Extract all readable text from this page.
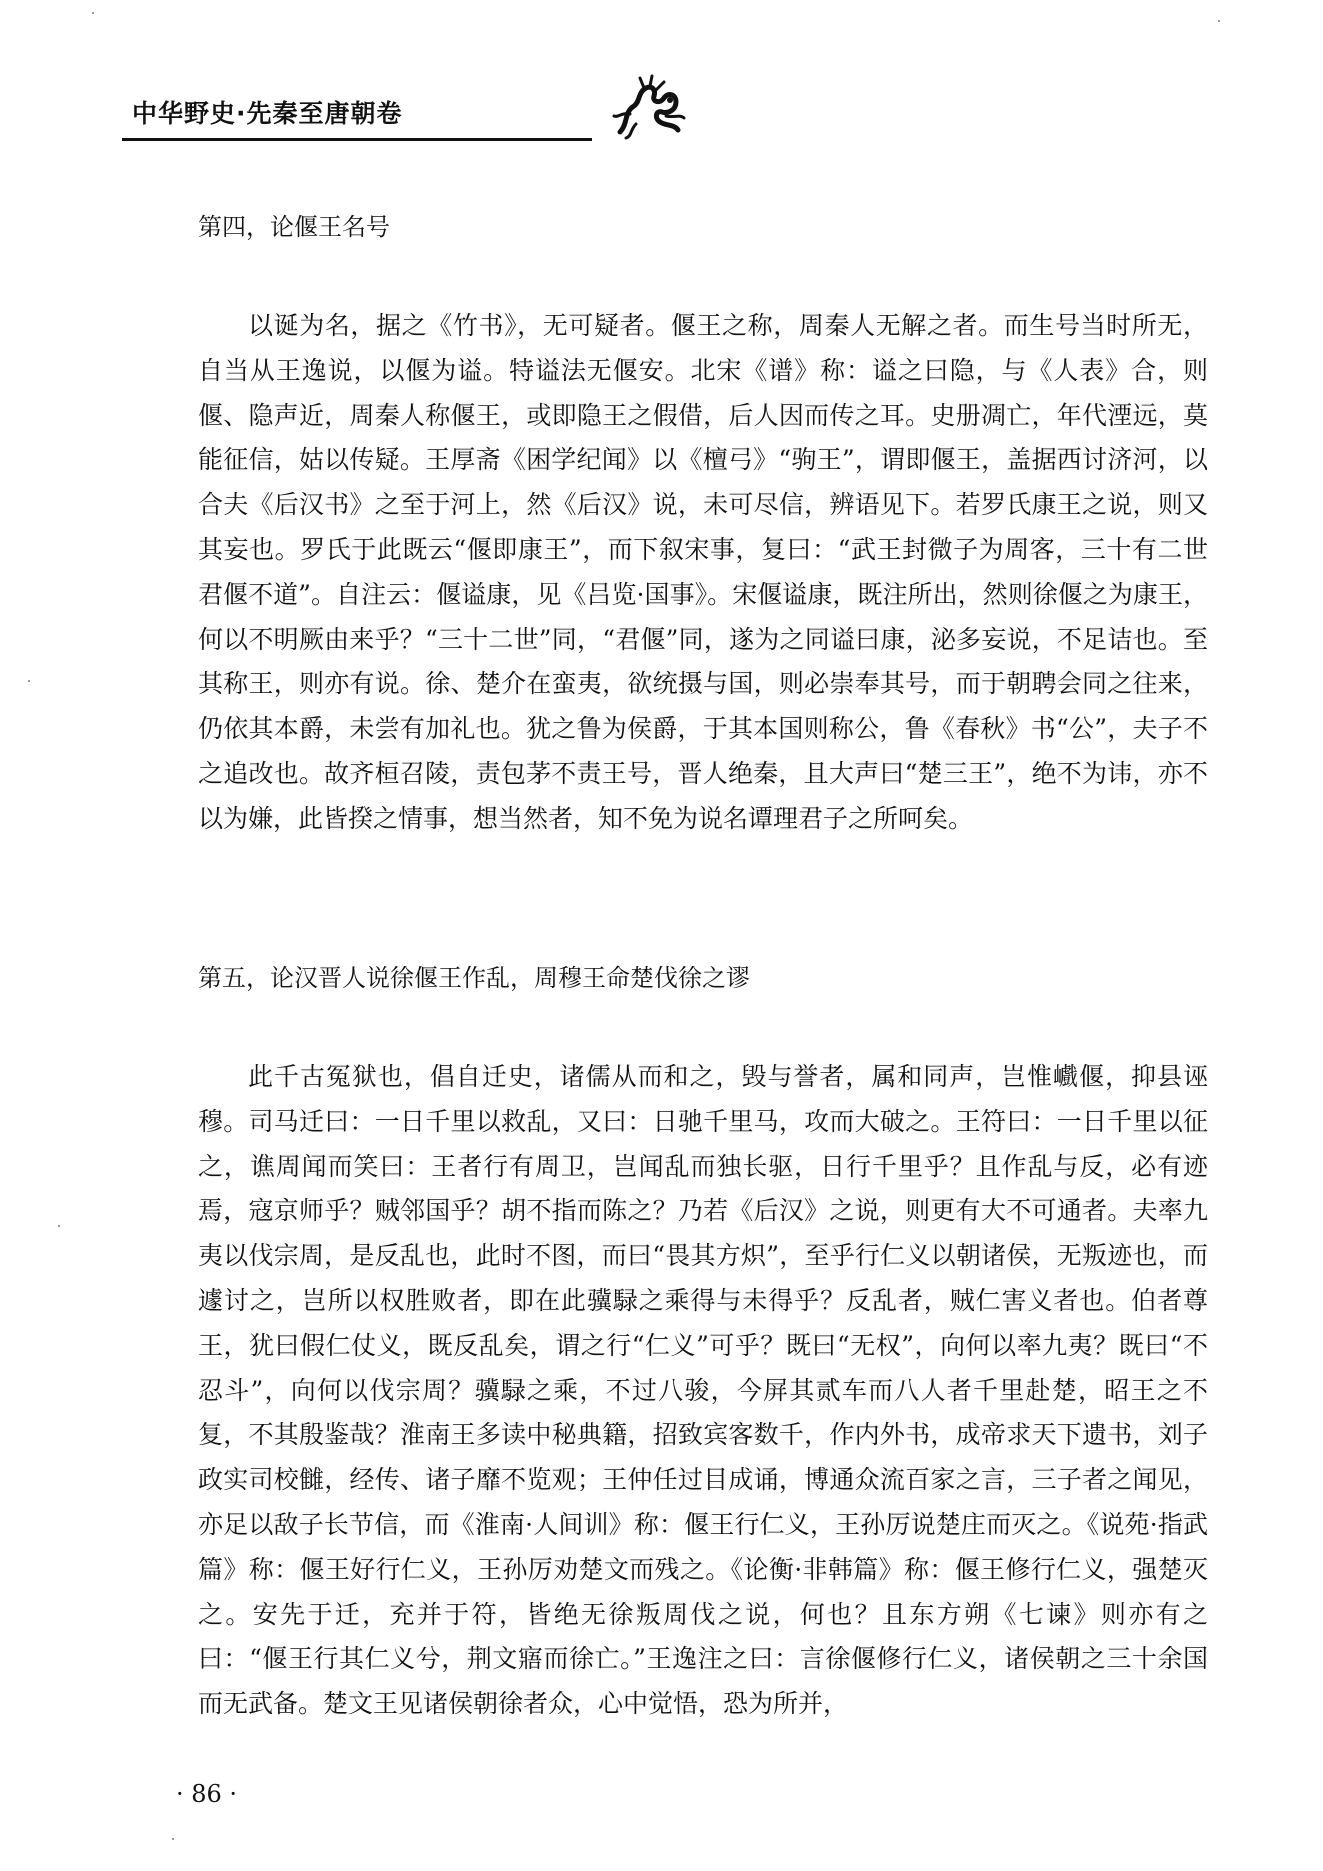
中华野史·先秦至唐朝卷
第四，论偃王名号

以诞为名，据之《竹书》，无可疑者。偃王之称，周秦人无解之者。而生号当时所无，自当从王逸说，以偃为谥。特谥法无偃安。北宋《谱》称：谥之曰隐，与《人表》合，则偃、隐声近，周秦人称偃王，或即隐王之假借，后人因而传之耳。史册凋亡，年代湮远，莫能征信，姑以传疑。王厚斋《困学纪闻》以《檀弓》“驹王”，谓即偃王，盖据西讨济河，以合夫《后汉书》之至于河上，然《后汉》说，未可尽信，辨语见下。若罗氏康王之说，则又其妄也。罗氏于此既云“偃即康王”，而下叙宋事，复曰：“武王封微子为周客，三十有二世君偃不道”。自注云：偃谥康，见《吕览·国事》。宋偃谥康，既注所出，然则徐偃之为康王，何以不明厥由来乎？“三十二世”同，“君偃”同，遂为之同谥曰康，泌多妄说，不足诘也。至其称王，则亦有说。徐、楚介在蛮夷，欲统摄与国，则必崇奉其号，而于朝聘会同之往来，仍依其本爵，未尝有加礼也。犹之鲁为侯爵，于其本国则称公，鲁《春秋》书“公”，夫子不之追改也。故齐桓召陵，责包茅不责王号，晋人绝秦，且大声曰“楚三王”，绝不为讳，亦不以为嫌，此皆揆之情事，想当然者，知不免为说名谭理君子之所呵矣。

第五，论汉晋人说徐偃王作乱，周穆王命楚伐徐之谬

此千古冤狱也，倡自迁史，诸儒从而和之，毁与誉者，属和同声，岂惟巇偃，抑县诬穆。司马迁曰：一日千里以救乱，又曰：日驰千里马，攻而大破之。王符曰：一日千里以征之，谯周闻而笑曰：王者行有周卫，岂闻乱而独长驱，日行千里乎？且作乱与反，必有迹焉，寇京师乎？贼邻国乎？胡不指而陈之？乃若《后汉》之说，则更有大不可通者。夫率九夷以伐宗周，是反乱也，此时不图，而曰“畏其方炽”，至乎行仁义以朝诸侯，无叛迹也，而遽讨之，岂所以权胜败者，即在此骥騄之乘得与未得乎？反乱者，贼仁害义者也。伯者尊王，犹曰假仁仗义，既反乱矣，谓之行“仁义”可乎？既曰“无权”，向何以率九夷？既曰“不忍斗”，向何以伐宗周？骥騄之乘，不过八骏，今屏其贰车而八人者千里赴楚，昭王之不复，不其殷鉴哉？淮南王多读中秘典籍，招致宾客数千，作内外书，成帝求天下遗书，刘子政实司校雠，经传、诸子靡不览观；王仲任过目成诵，博通众流百家之言，三子者之闻见，亦足以敌子长节信，而《淮南·人间训》称：偃王行仁义，王孙厉说楚庄而灭之。《说苑·指武篇》称：偃王好行仁义，王孙厉劝楚文而残之。《论衡·非韩篇》称：偃王修行仁义，强楚灭之。安先于迁，充并于符，皆绝无徐叛周伐之说，何也？且东方朔《七谏》则亦有之曰：“偃王行其仁义兮，荆文寤而徐亡。”王逸注之曰：言徐偃修行仁义，诸侯朝之三十余国而无武备。楚文王见诸侯朝徐者众，心中觉悟，恐为所并，

· 86 ·
